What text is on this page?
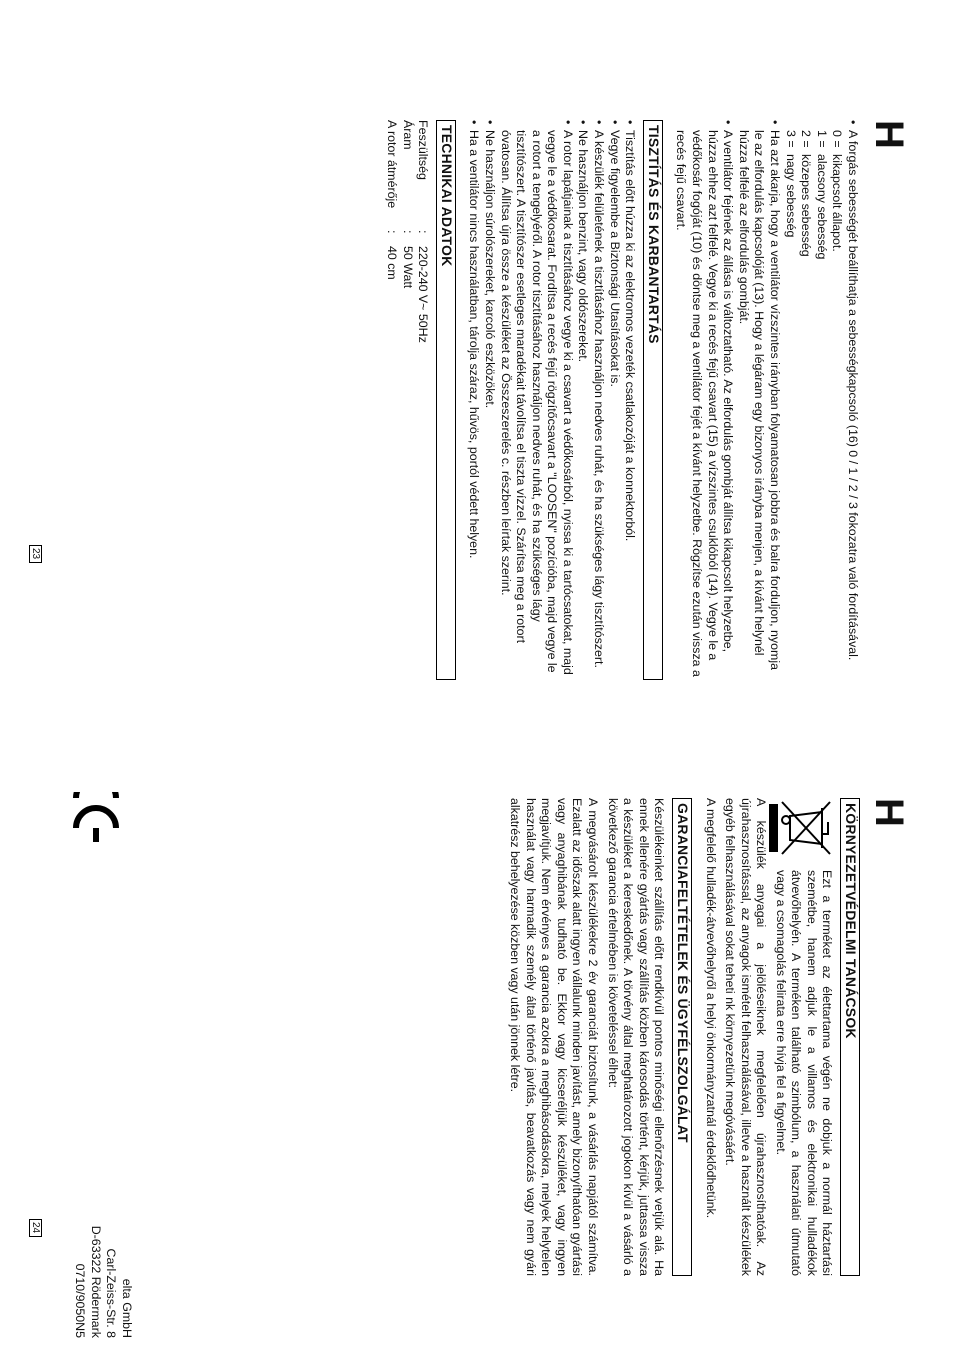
H
• A forgás sebességét beállíthatja a sebességkapcsoló (16) 0 / 1 / 2 / 3 fokozatra való fordításával.
0 =
kikapcsolt állapot.
1 =
alacsony sebesség
2 =
közepes sebesség
3 =
nagy sebesség
• Ha azt akarja, hogy a ventilátor vízszintes irányban folyamatosan jobbra és balra forduljon, nyomja le az elfordulás kapcsolóját (13). Hogy a légáram egy bizonyos irányba menjen, a kívánt helynél húzza felfelé az elfordulás gombját.
• A ventilátor fejének az állása is változtatható. Az elfordulás gombját állítsa kikapcsolt helyzetbe, húzza ehhez azt felfelé. Vegye ki a recés fejű csavart (15) a vízszintes csuklóból (14). Vegye le a védőkosár fogóját (10) és döntse meg a ventilátor fejét a kívánt helyzetbe. Rögzítse ezután vissza a recés fejű csavart.
TISZTÍTÁS ÉS KARBANTARTÁS
• Tisztítás előtt húzza ki az elektromos vezeték csatlakozóját a konnektorból.
• Vegye figyelembe a Biztonsági Utasításokat is.
• A készülék felületének a tisztításához használjon nedves ruhát, és ha szükséges lágy tisztítószert.
• Ne használjon benzint, vagy oldószereket.
• A rotor lapátjainak a tisztításához vegye ki a csavart a védőkosárból, nyissa ki a tartócsatokat, majd vegye le a védőkosarat. Fordítsa a recés fejű rögzítőcsavart a "LOOSEN" pozícióba, majd vegye le a rotort a tengelyéről. A rotor tisztításához használjon nedves ruhát, és ha szükséges lágy tisztítószert. A tisztítószer esetleges maradékait távolítsa el tiszta vízzel. Szárítsa meg a rotort óvatosan. Állítsa újra össze a készüléket az Összeszerelés c. részben leírtak szerint.
• Ne használjon súrolószereket, karcoló eszközöket.
• Ha a ventilátor nincs használatban, tárolja száraz, hűvös, portól védett helyen.
TECHNIKAI ADATOK
Feszültség
:
220-240 V~ 50Hz
Áram
:
50 Watt
A rotor átmérője
:
40 cm
23
H
KÖRNYEZETVÉDELMI TANÁCSOK
Ezt a terméket az élettartama végén ne dobjuk a normál háztartási szemétbe, hanem adjuk le a villamos és elektronikai hulladékok átvevőhelyén. A terméken található szimbólum, a használati útmutató vagy a csomagolás felirata erre hívja fel a figyelmet.

A készülék anyagai a jelöléseiknek megfelelően újrahasznosíthatóak. Az újrahasznosítással, az anyagok ismételt felhasználásával, illetve a használt készülékek egyéb felhasználásával sokat teheti nk környezetünk megóvásáért.

A megfelelő hulladék-átvevőhelyről a helyi önkormányzatnál érdeklődhetünk.

GARANCIAFELTÉTELEK ÉS ÜGYFÉLSZOLGÁLAT

Készülékeinket szállítás előtt rendkívül pontos minőségi ellenőrzésnek vetjük alá. Ha ennek ellenére gyártás vagy szállítás közben károsodás történt, kérjük, juttassa vissza a készüléket a kereskedőnek. A törvény által meghatározott jogokon kívül a vásárló a következő garancia értelmében is követeléssel élhet:

A megvásárolt készülékekre 2 év garanciát biztosítunk, a vásárlás napjától számítva. Ezalatt az időszak alatt ingyen vállalunk minden javítást, amely bizonyíthatóan gyártási vagy anyaghibának tudható be. Ekkor vagy kicseréljük készüléket, vagy ingyen megjavítjuk. Nem érvényes a garancia azokra a meghibásodásokra, melyek helytelen használat vagy harmadik személy által történő javítás, beavatkozás vagy nem gyári alkatrész behelyezése közben vagy után jönnek létre.

elta GmbH
Carl-Zeiss-Str. 8
D-63322 Rödermark
0710/9050N5
24
